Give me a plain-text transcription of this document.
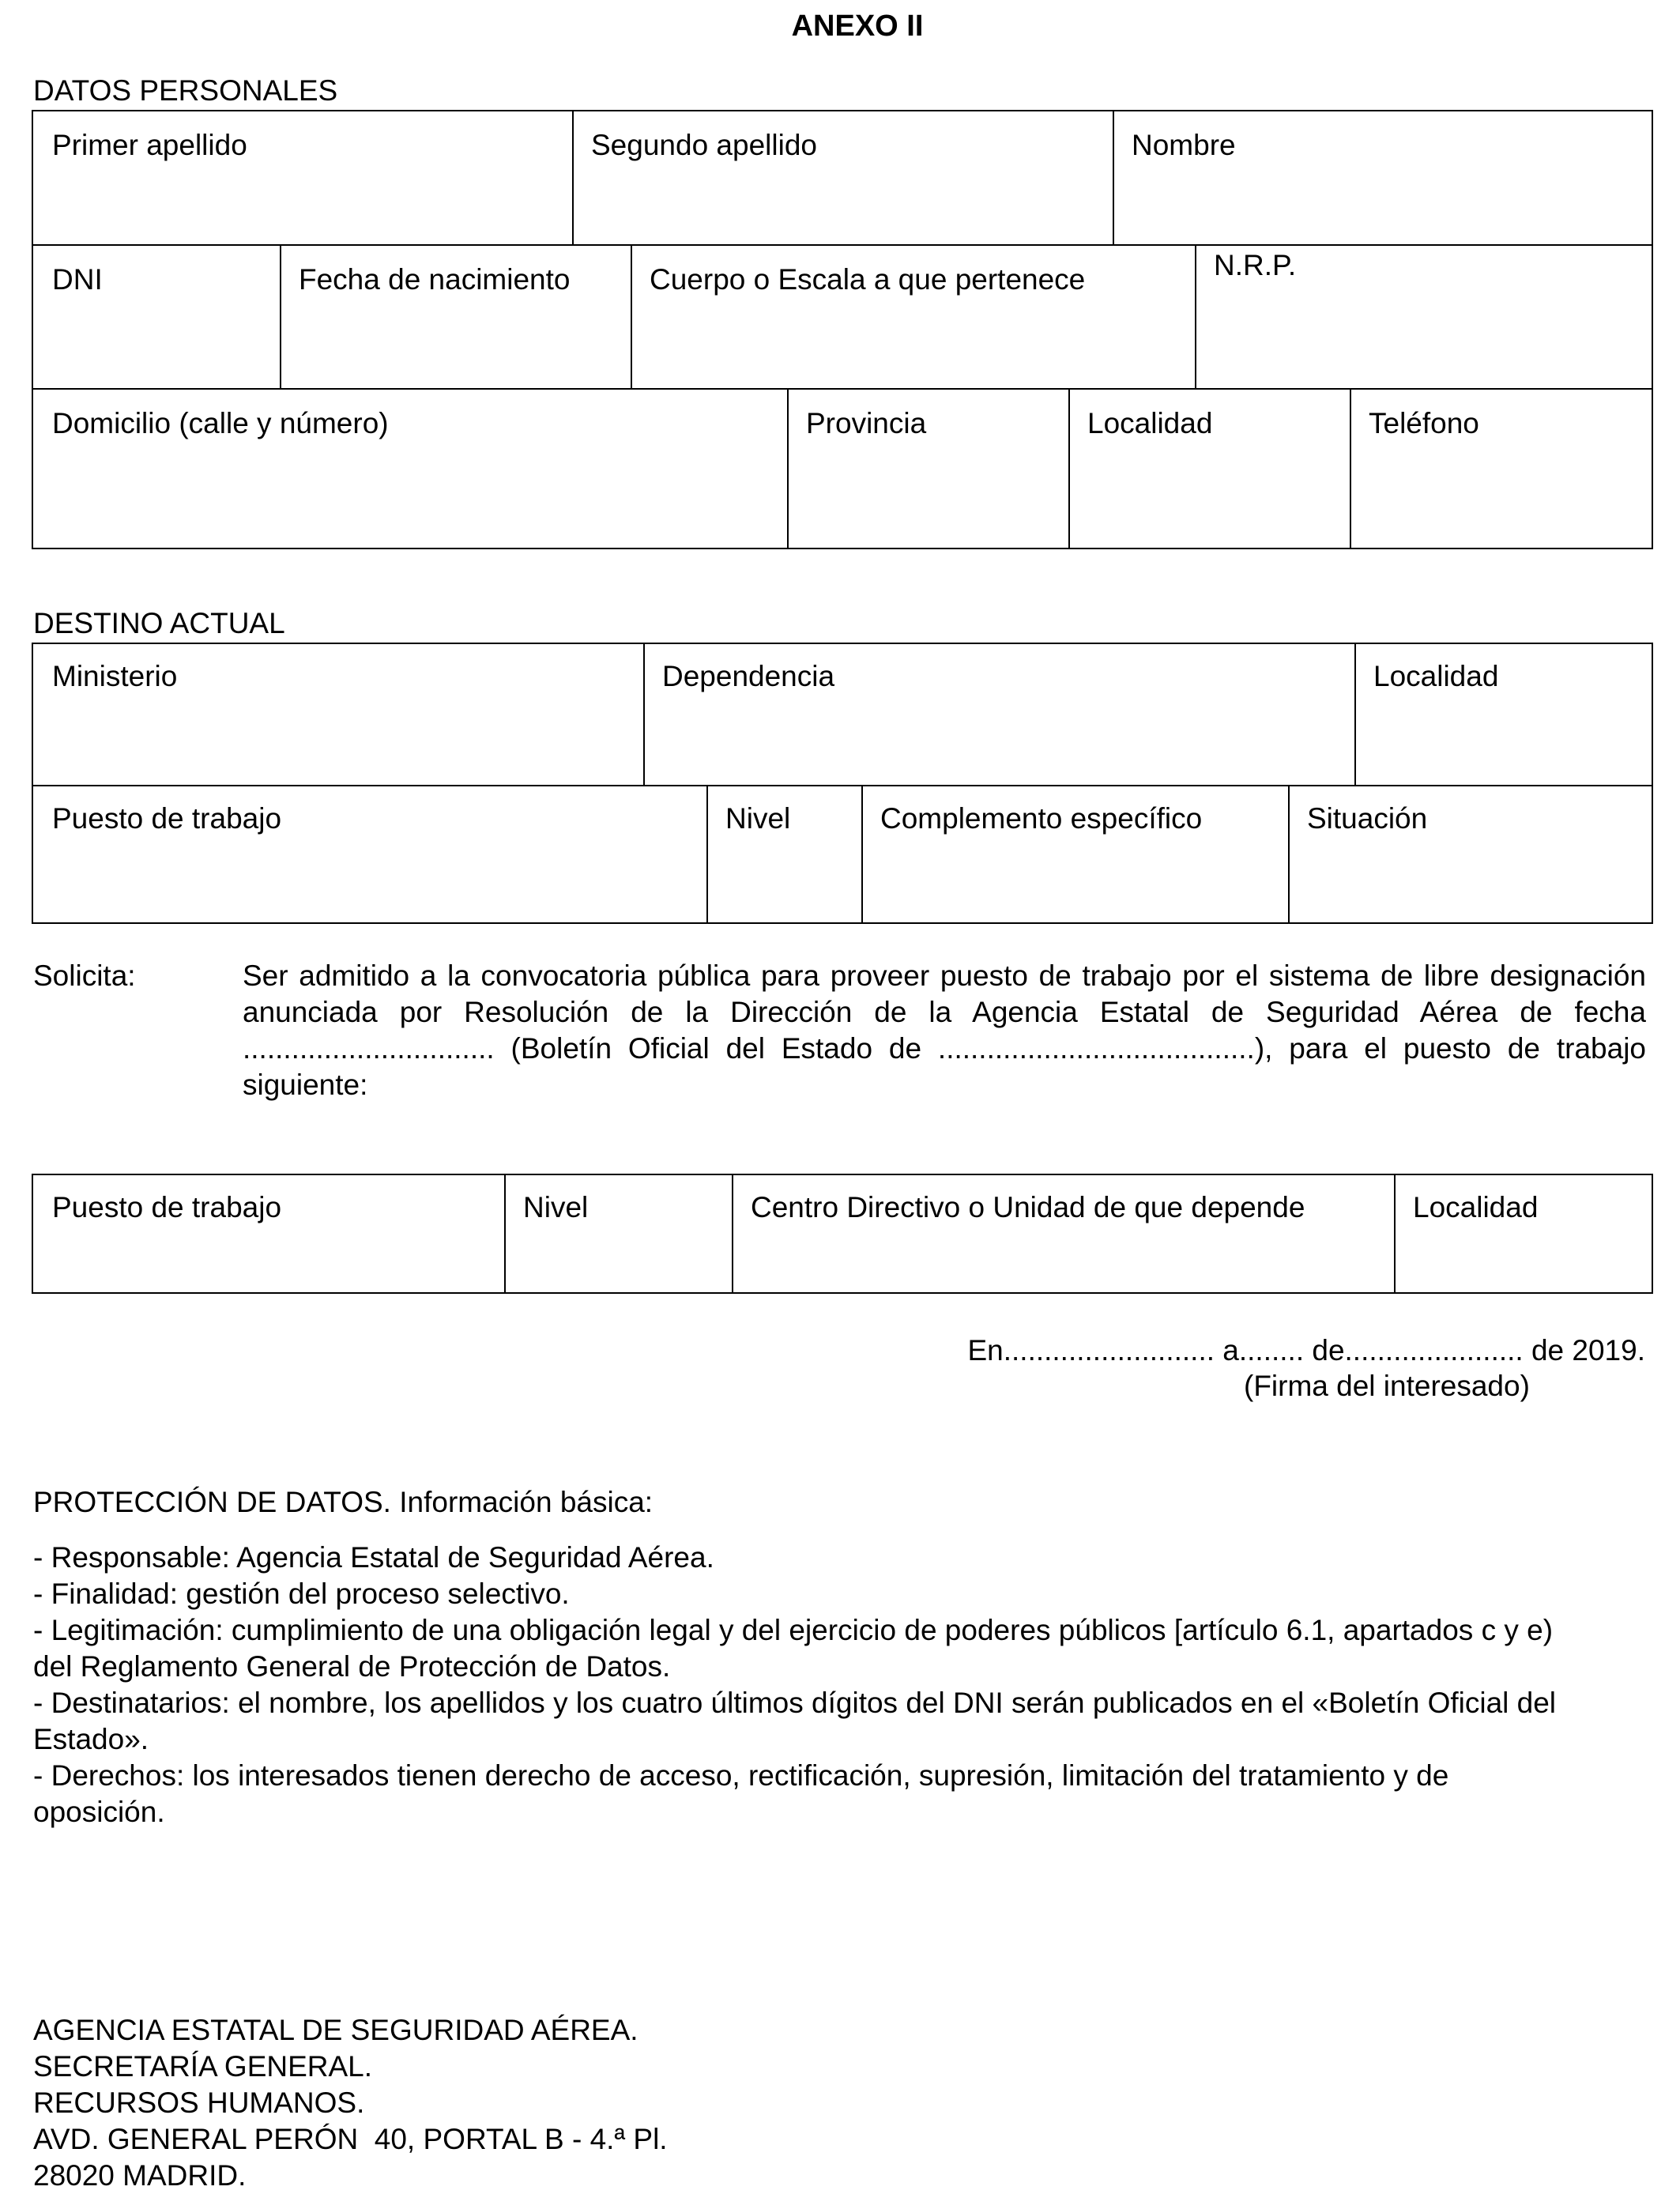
ANEXO II
DATOS PERSONALES
Primer apellido	Segundo apellido	Nombre
DNI	Fecha de nacimiento	Cuerpo o Escala a que pertenece	N.R.P.
Domicilio (calle y número)	Provincia	Localidad	Teléfono
DESTINO ACTUAL
Ministerio	Dependencia	Localidad
Puesto de trabajo	Nivel	Complemento específico	Situación
Solicita:	Ser admitido a la convocatoria pública para proveer puesto de trabajo por el sistema de libre designación anunciada por Resolución de la Dirección de la Agencia Estatal de Seguridad Aérea de fecha ............................... (Boletín Oficial del Estado de .......................................), para el puesto de trabajo siguiente:
Puesto de trabajo	Nivel	Centro Directivo o Unidad de que depende	Localidad
En.......................... a........ de...................... de 2019.
(Firma del interesado)
PROTECCIÓN DE DATOS. Información básica:
- Responsable: Agencia Estatal de Seguridad Aérea.
- Finalidad: gestión del proceso selectivo.
- Legitimación: cumplimiento de una obligación legal y del ejercicio de poderes públicos [artículo 6.1, apartados c y e) del Reglamento General de Protección de Datos.
- Destinatarios: el nombre, los apellidos y los cuatro últimos dígitos del DNI serán publicados en el «Boletín Oficial del Estado».
- Derechos: los interesados tienen derecho de acceso, rectificación, supresión, limitación del tratamiento y de oposición.
AGENCIA ESTATAL DE SEGURIDAD AÉREA.
SECRETARÍA GENERAL.
RECURSOS HUMANOS.
AVD. GENERAL PERÓN  40, PORTAL B - 4.ª Pl.
28020 MADRID.
